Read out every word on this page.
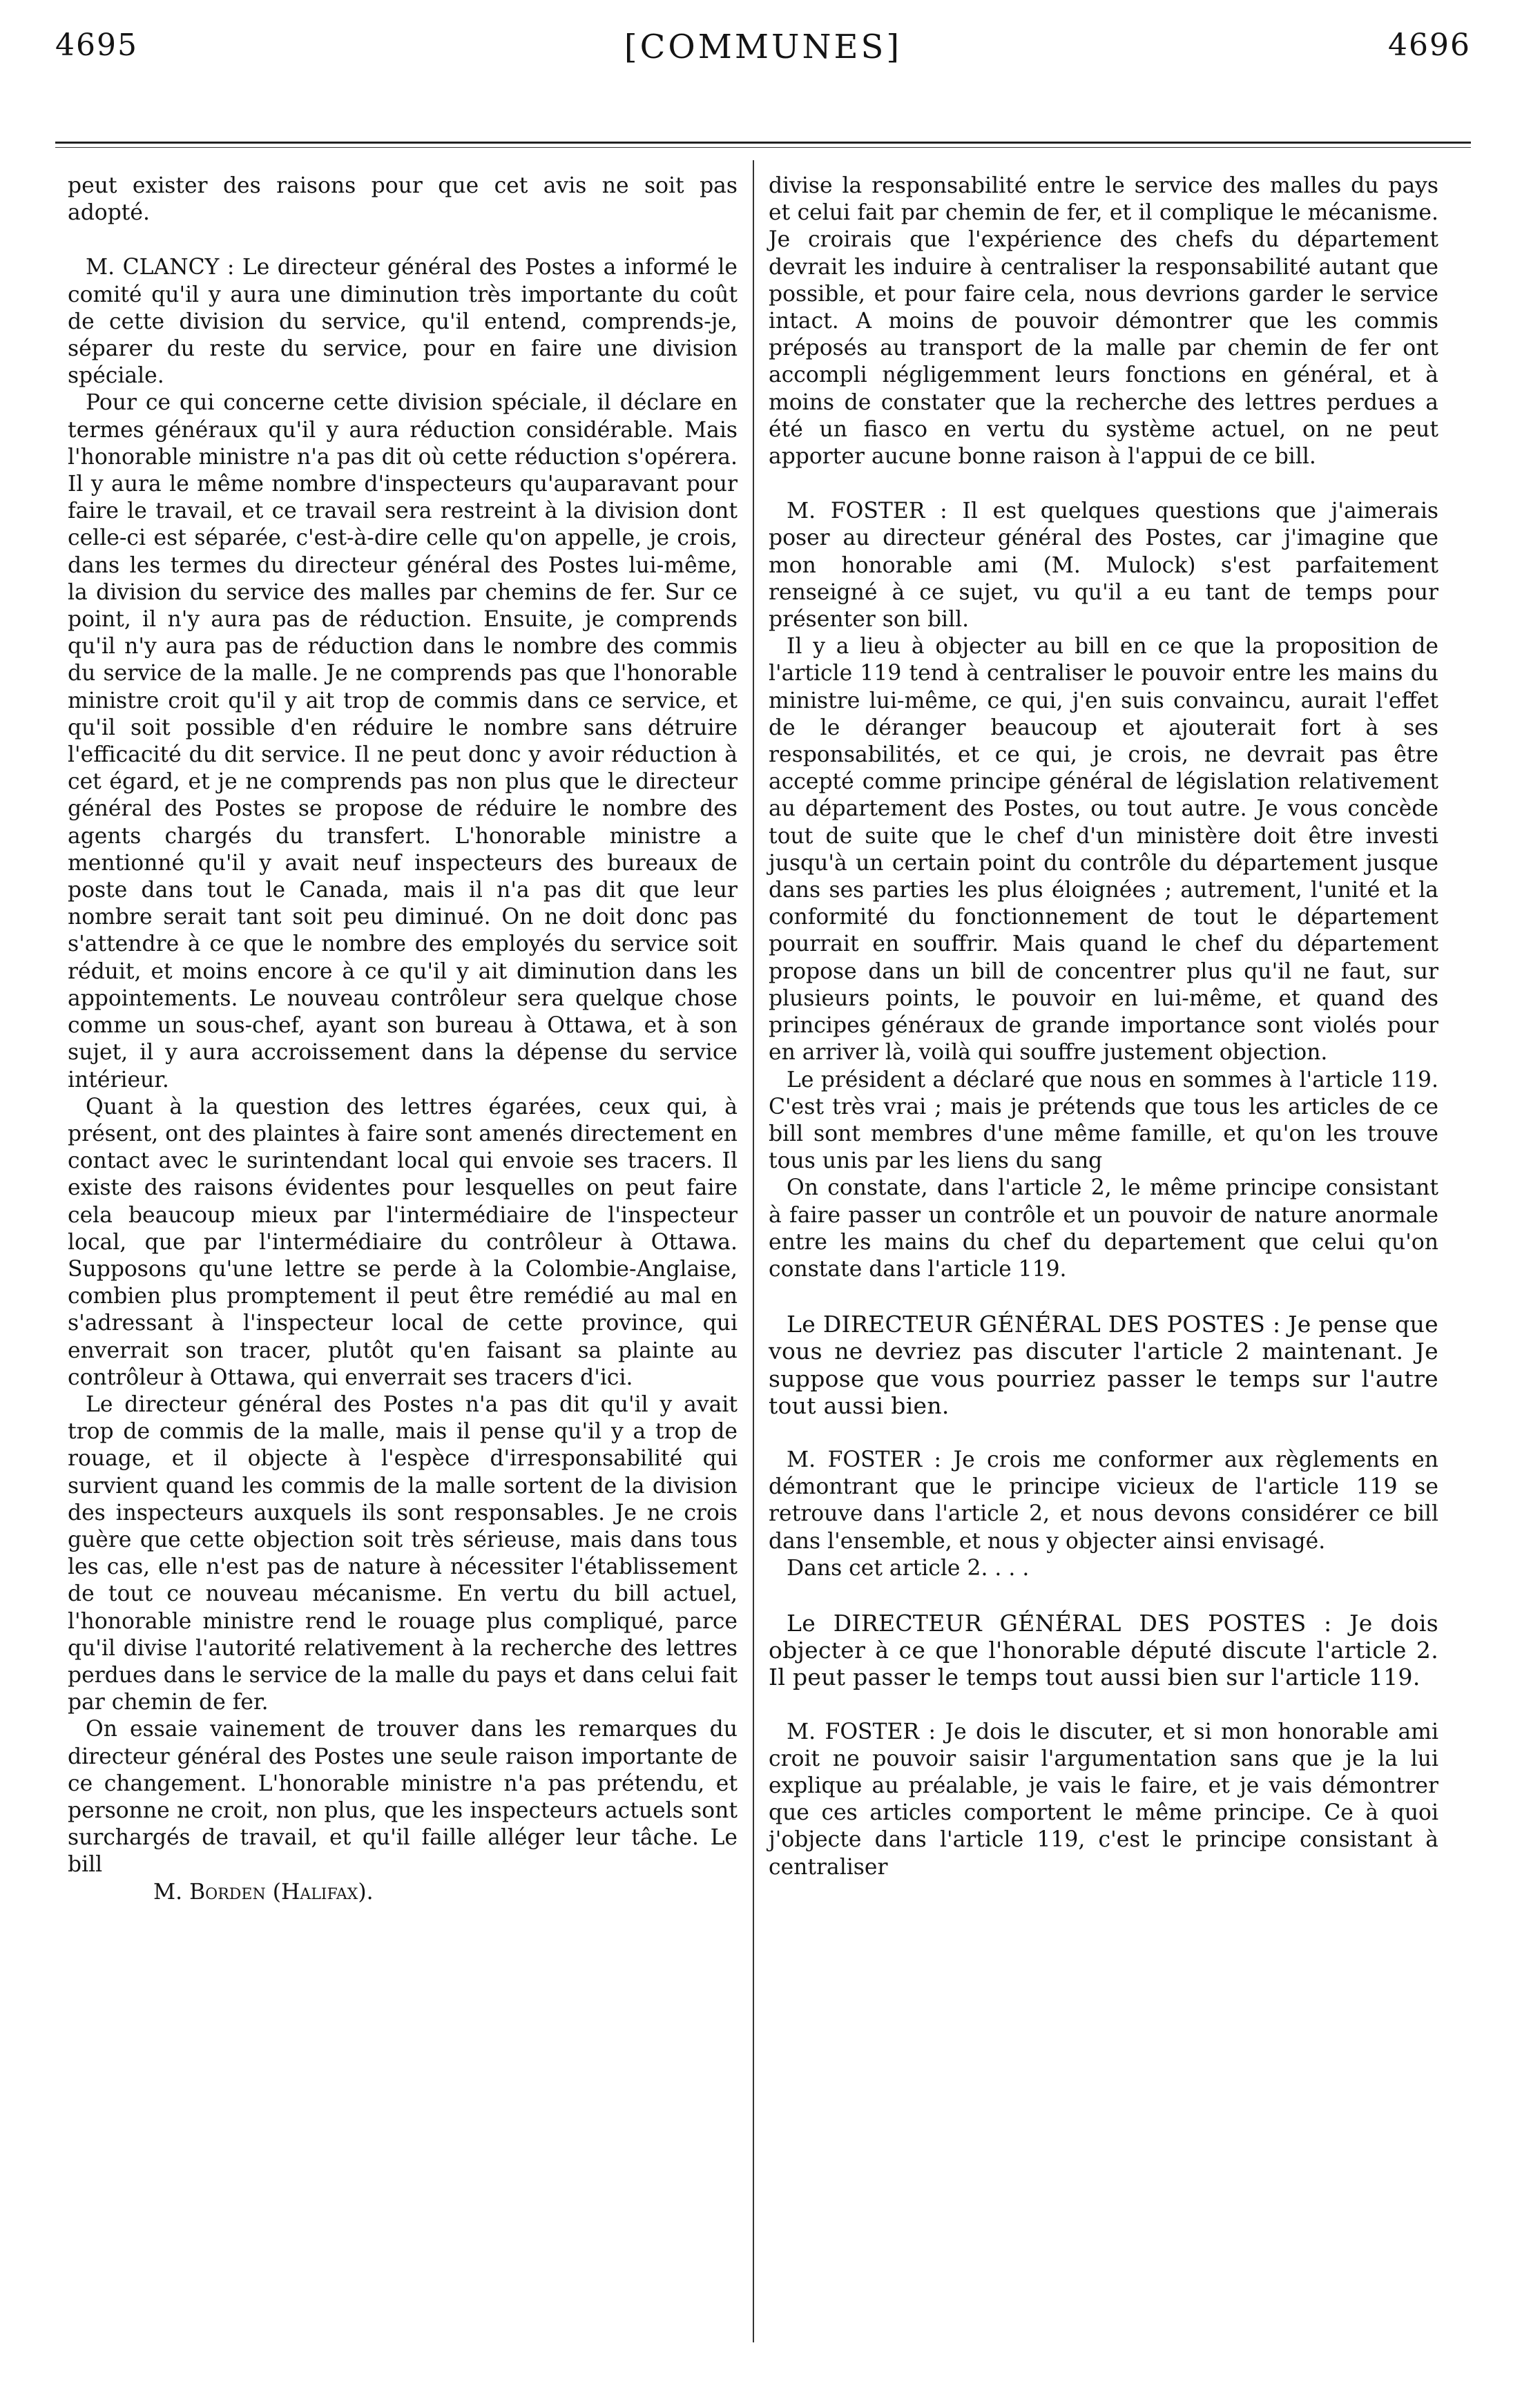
4695	[COMMUNES]	4696

peut exister des raisons pour que cet avis ne soit pas adopté.

M. CLANCY : Le directeur général des Postes a informé le comité qu'il y aura une diminution très importante du coût de cette division du service, qu'il entend, comprends-je, séparer du reste du service, pour en faire une division spéciale.

Pour ce qui concerne cette division spéciale, il déclare en termes généraux qu'il y aura réduction considérable. Mais l'honorable ministre n'a pas dit où cette réduction s'opérera. Il y aura le même nombre d'inspecteurs qu'auparavant pour faire le travail, et ce travail sera restreint à la division dont celle-ci est séparée, c'est-à-dire celle qu'on appelle, je crois, dans les termes du directeur général des Postes lui-même, la division du service des malles par chemins de fer. Sur ce point, il n'y aura pas de réduction. Ensuite, je comprends qu'il n'y aura pas de réduction dans le nombre des commis du service de la malle. Je ne comprends pas que l'honorable ministre croit qu'il y ait trop de commis dans ce service, et qu'il soit possible d'en réduire le nombre sans détruire l'efficacité du dit service. Il ne peut donc y avoir réduction à cet égard, et je ne comprends pas non plus que le directeur général des Postes se propose de réduire le nombre des agents chargés du transfert. L'honorable ministre a mentionné qu'il y avait neuf inspecteurs des bureaux de poste dans tout le Canada, mais il n'a pas dit que leur nombre serait tant soit peu diminué. On ne doit donc pas s'attendre à ce que le nombre des employés du service soit réduit, et moins encore à ce qu'il y ait diminution dans les appointements. Le nouveau contrôleur sera quelque chose comme un sous-chef, ayant son bureau à Ottawa, et à son sujet, il y aura accroissement dans la dépense du service intérieur.

Quant à la question des lettres égarées, ceux qui, à présent, ont des plaintes à faire sont amenés directement en contact avec le surintendant local qui envoie ses tracers. Il existe des raisons évidentes pour lesquelles on peut faire cela beaucoup mieux par l'intermédiaire de l'inspecteur local, que par l'intermédiaire du contrôleur à Ottawa. Supposons qu'une lettre se perde à la Colombie-Anglaise, combien plus promptement il peut être remédié au mal en s'adressant à l'inspecteur local de cette province, qui enverrait son tracer, plutôt qu'en faisant sa plainte au contrôleur à Ottawa, qui enverrait ses tracers d'ici.

Le directeur général des Postes n'a pas dit qu'il y avait trop de commis de la malle, mais il pense qu'il y a trop de rouage, et il objecte à l'espèce d'irresponsabilité qui survient quand les commis de la malle sortent de la division des inspecteurs auxquels ils sont responsables. Je ne crois guère que cette objection soit très sérieuse, mais dans tous les cas, elle n'est pas de nature à nécessiter l'établissement de tout ce nouveau mécanisme. En vertu du bill actuel, l'honorable ministre rend le rouage plus compliqué, parce qu'il divise l'autorité relativement à la recherche des lettres perdues dans le service de la malle du pays et dans celui fait par chemin de fer.

On essaie vainement de trouver dans les remarques du directeur général des Postes une seule raison importante de ce changement. L'honorable ministre n'a pas prétendu, et personne ne croit, non plus, que les inspecteurs actuels sont surchargés de travail, et qu'il faille alléger leur tâche. Le bill

M. Borden (Halifax).

divise la responsabilité entre le service des malles du pays et celui fait par chemin de fer, et il complique le mécanisme. Je croirais que l'expérience des chefs du département devrait les induire à centraliser la responsabilité autant que possible, et pour faire cela, nous devrions garder le service intact. A moins de pouvoir démontrer que les commis préposés au transport de la malle par chemin de fer ont accompli négligemment leurs fonctions en général, et à moins de constater que la recherche des lettres perdues a été un fiasco en vertu du système actuel, on ne peut apporter aucune bonne raison à l'appui de ce bill.

M. FOSTER : Il est quelques questions que j'aimerais poser au directeur général des Postes, car j'imagine que mon honorable ami (M. Mulock) s'est parfaitement renseigné à ce sujet, vu qu'il a eu tant de temps pour présenter son bill.

Il y a lieu à objecter au bill en ce que la proposition de l'article 119 tend à centraliser le pouvoir entre les mains du ministre lui-même, ce qui, j'en suis convaincu, aurait l'effet de le déranger beaucoup et ajouterait fort à ses responsabilités, et ce qui, je crois, ne devrait pas être accepté comme principe général de législation relativement au département des Postes, ou tout autre. Je vous concède tout de suite que le chef d'un ministère doit être investi jusqu'à un certain point du contrôle du département jusque dans ses parties les plus éloignées ; autrement, l'unité et la conformité du fonctionnement de tout le département pourrait en souffrir. Mais quand le chef du département propose dans un bill de concentrer plus qu'il ne faut, sur plusieurs points, le pouvoir en lui-même, et quand des principes généraux de grande importance sont violés pour en arriver là, voilà qui souffre justement objection.

Le président a déclaré que nous en sommes à l'article 119. C'est très vrai ; mais je prétends que tous les articles de ce bill sont membres d'une même famille, et qu'on les trouve tous unis par les liens du sang

On constate, dans l'article 2, le même principe consistant à faire passer un contrôle et un pouvoir de nature anormale entre les mains du chef du departement que celui qu'on constate dans l'article 119.

Le DIRECTEUR GÉNÉRAL DES POSTES : Je pense que vous ne devriez pas discuter l'article 2 maintenant. Je suppose que vous pourriez passer le temps sur l'autre tout aussi bien.

M. FOSTER : Je crois me conformer aux règlements en démontrant que le principe vicieux de l'article 119 se retrouve dans l'article 2, et nous devons considérer ce bill dans l'ensemble, et nous y objecter ainsi envisagé.

Dans cet article 2. . . .

Le DIRECTEUR GÉNÉRAL DES POSTES : Je dois objecter à ce que l'honorable député discute l'article 2. Il peut passer le temps tout aussi bien sur l'article 119.

M. FOSTER : Je dois le discuter, et si mon honorable ami croit ne pouvoir saisir l'argumentation sans que je la lui explique au préalable, je vais le faire, et je vais démontrer que ces articles comportent le même principe. Ce à quoi j'objecte dans l'article 119, c'est le principe consistant à centraliser
